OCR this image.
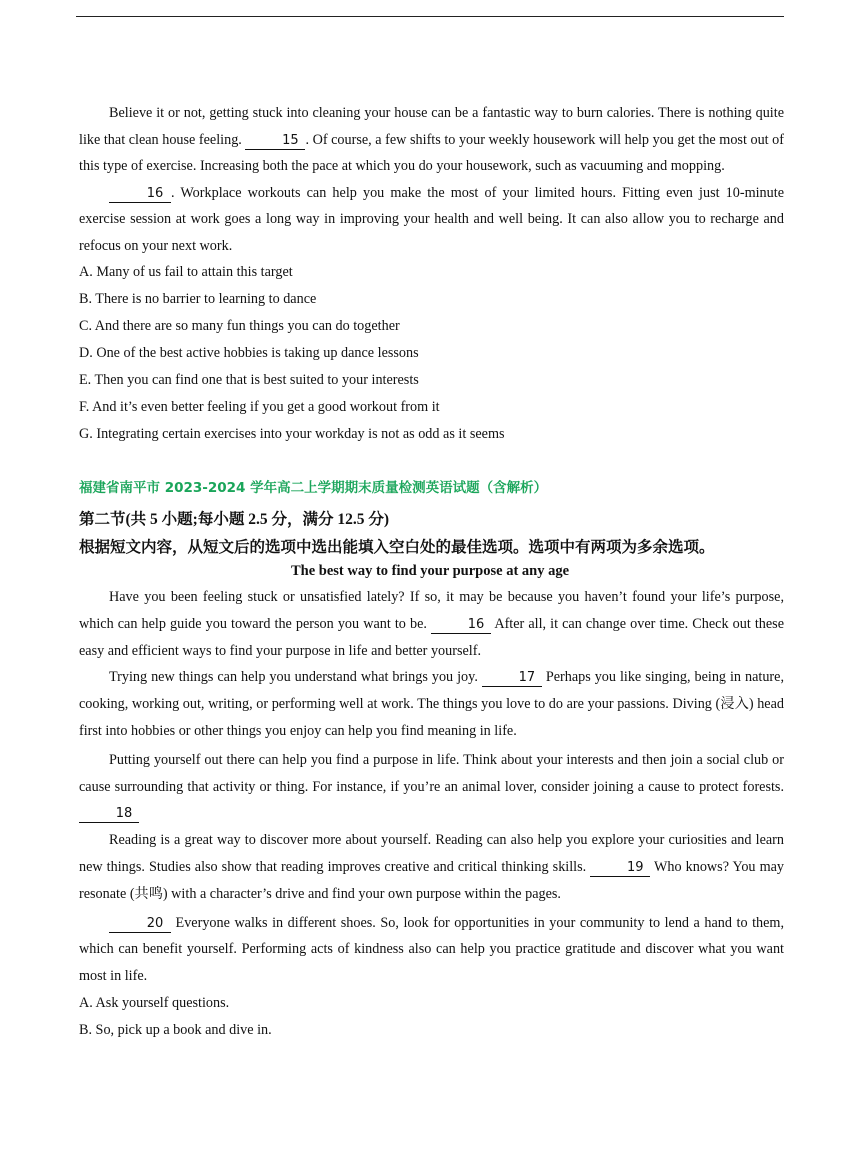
Believe it or not, getting stuck into cleaning your house can be a fantastic way to burn calories. There is nothing quite like that clean house feeling.	15 . Of course, a few shifts to your weekly housework will help you get the most out of this type of exercise. Increasing both the pace at which you do your housework, such as vacuuming and mopping.

16 . Workplace workouts can help you make the most of your limited hours. Fitting even just 10-minute exercise session at work goes a long way in improving your health and well being. It can also allow you to recharge and refocus on your next work.

A. Many of us fail to attain this target

B. There is no barrier to learning to dance

C. And there are so many fun things you can do together

D. One of the best active hobbies is taking up dance lessons

E. Then you can find one that is best suited to your interests

F. And it’s even better feeling if you get a good workout from it

G. Integrating certain exercises into your workday is not as odd as it seems

福建省南平市 2023-2024 学年高二上学期期末质量检测英语试题（含解析）

第二节(共 5 小题;每小题 2.5 分，满分 12.5 分)

根据短文内容，从短文后的选项中选出能填入空白处的最佳选项。选项中有两项为多余选项。

The best way to find your purpose at any age

Have you been feeling stuck or unsatisfied lately? If so, it may be because you haven’t found your life’s purpose, which can help guide you toward the person you want to be.	16 After all, it can change over time. Check out these easy and efficient ways to find your purpose in life and better yourself.

Trying new things can help you understand what brings you joy.	17 Perhaps you like singing, being in nature, cooking, working out, writing, or performing well at work. The things you love to do are your passions. Diving (浸入) head first into hobbies or other things you enjoy can help you find meaning in life.

Putting yourself out there can help you find a purpose in life. Think about your interests and then join a social club or cause surrounding that activity or thing. For instance, if you’re an animal lover, consider joining a cause to protect forests. 18

Reading is a great way to discover more about yourself. Reading can also help you explore your curiosities and learn new things. Studies also show that reading improves creative and critical thinking skills.	19 Who knows? You may resonate (共鸣) with a character’s drive and find your own purpose within the pages.

20 Everyone walks in different shoes. So, look for opportunities in your community to lend a hand to them, which can benefit yourself. Performing acts of kindness also can help you practice gratitude and discover what you want most in life.

A. Ask yourself questions.

B. So, pick up a book and dive in.
